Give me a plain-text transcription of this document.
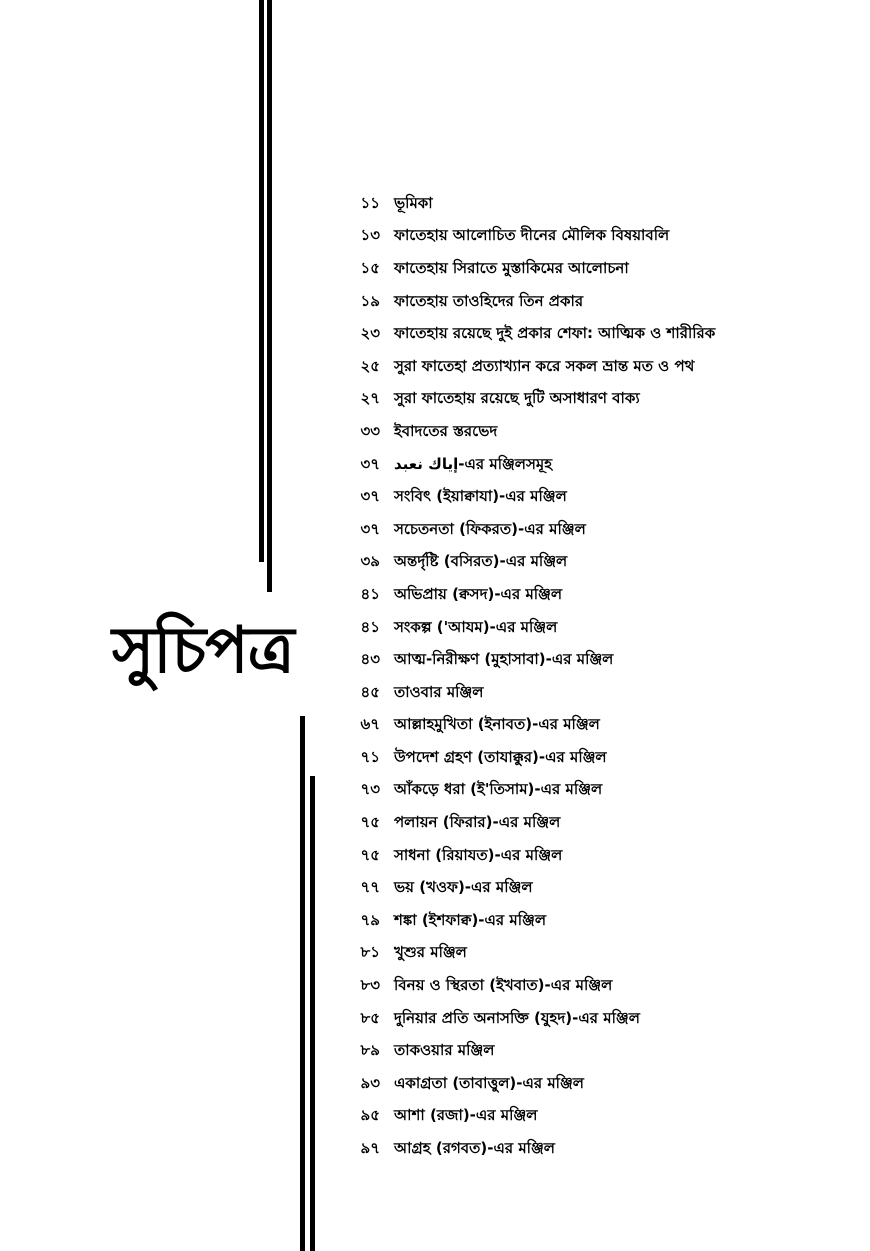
সুচিপত্র
১১ ভূমিকা
১৩ ফাতেহায় আলোচিত দীনের মৌলিক বিষয়াবলি
১৫ ফাতেহায় সিরাতে মুস্তাকিমের আলোচনা
১৯ ফাতেহায় তাওহিদের তিন প্রকার
২৩ ফাতেহায় রয়েছে দুই প্রকার শেফা: আত্মিক ও শারীরিক
২৫ সুরা ফাতেহা প্রত্যাখ্যান করে সকল ভ্রান্ত মত ও পথ
২৭ সুরা ফাতেহায় রয়েছে দুটি অসাধারণ বাক্য
৩৩ ইবাদতের স্তরভেদ
৩৭ إياك نعبد-এর মঞ্জিলসমূহ
৩৭ সংবিৎ (ইয়াক্বাযা)-এর মঞ্জিল
৩৭ সচেতনতা (ফিকরত)-এর মঞ্জিল
৩৯ অন্তর্দৃষ্টি (বসিরত)-এর মঞ্জিল
৪১ অভিপ্রায় (ক্বসদ)-এর মঞ্জিল
৪১ সংকল্প ('আযম)-এর মঞ্জিল
৪৩ আত্ম-নিরীক্ষণ (মুহাসাবা)-এর মঞ্জিল
৪৫ তাওবার মঞ্জিল
৬৭ আল্লাহমুখিতা (ইনাবত)-এর মঞ্জিল
৭১ উপদেশ গ্রহণ (তাযাক্কুর)-এর মঞ্জিল
৭৩ আঁকড়ে ধরা (ই'তিসাম)-এর মঞ্জিল
৭৫ পলায়ন (ফিরার)-এর মঞ্জিল
৭৫ সাধনা (রিয়াযত)-এর মঞ্জিল
৭৭ ভয় (খওফ)-এর মঞ্জিল
৭৯ শঙ্কা (ইশফাক্ব)-এর মঞ্জিল
৮১ খুশুর মঞ্জিল
৮৩ বিনয় ও স্থিরতা (ইখবাত)-এর মঞ্জিল
৮৫ দুনিয়ার প্রতি অনাসক্তি (যুহদ)-এর মঞ্জিল
৮৯ তাকওয়ার মঞ্জিল
৯৩ একাগ্রতা (তাবাত্তুল)-এর মঞ্জিল
৯৫ আশা (রজা)-এর মঞ্জিল
৯৭ আগ্রহ (রগবত)-এর মঞ্জিল
